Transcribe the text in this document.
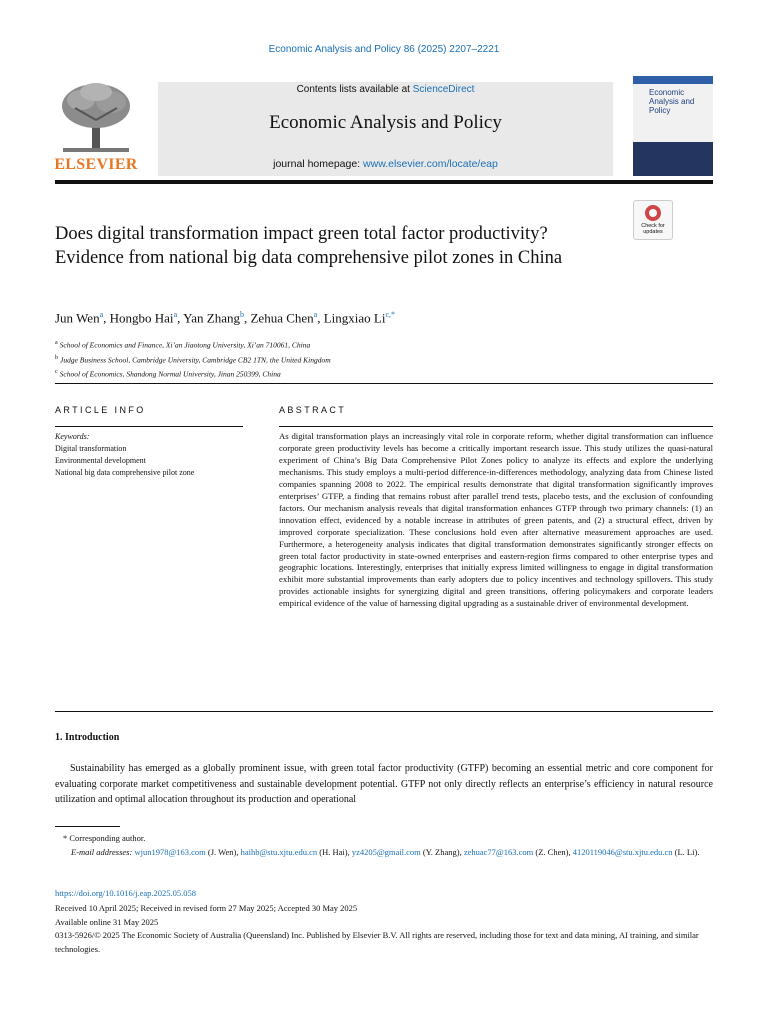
Economic Analysis and Policy 86 (2025) 2207–2221
ELSEVIER
Contents lists available at ScienceDirect
Economic Analysis and Policy
journal homepage: www.elsevier.com/locate/eap
Economic Analysis and Policy
Does digital transformation impact green total factor productivity? Evidence from national big data comprehensive pilot zones in China
Check for updates
Jun Wen$^a$, Hongbo Hai$^a$, Yan Zhang$^b$, Zehua Chen$^a$, Lingxiao $Li^{c,*}$
$^a$ School of Economics and Finance, Xi’an Jiaotong University, Xi’an 710061, China
$^b$ Judge Business School, Cambridge University, Cambridge CB2 1TN, the United Kingdom
$^c$ School of Economics, Shandong Normal University, Jinan 250399, China
ARTICLE INFO	ABSTRACT
Keywords:
Digital transformation
Environmental development
National big data comprehensive pilot zone
As digital transformation plays an increasingly vital role in corporate reform, whether digital transformation can influence corporate green productivity levels has become a critically important research issue. This study utilizes the quasi-natural experiment of China’s Big Data Comprehensive Pilot Zones policy to analyze its effects and explore the underlying mechanisms. This study employs a multi-period difference-in-differences methodology, analyzing data from Chinese listed companies spanning 2008 to 2022. The empirical results demonstrate that digital transformation significantly improves enterprises’ GTFP, a finding that remains robust after parallel trend tests, placebo tests, and the exclusion of confounding factors. Our mechanism analysis reveals that digital transformation enhances GTFP through two primary channels: (1) an innovation effect, evidenced by a notable increase in attributes of green patents, and (2) a structural effect, driven by improved corporate specialization. These conclusions hold even after alternative measurement approaches are used. Furthermore, a heterogeneity analysis indicates that digital transformation demonstrates significantly stronger effects on green total factor productivity in state-owned enterprises and eastern-region firms compared to other enterprise types and geographic locations. Interestingly, enterprises that initially express limited willingness to engage in digital transformation exhibit more substantial improvements than early adopters due to policy incentives and technology spillovers. This study provides actionable insights for synergizing digital and green transitions, offering policymakers and corporate leaders empirical evidence of the value of harnessing digital upgrading as a sustainable driver of environmental development.
1. Introduction
Sustainability has emerged as a globally prominent issue, with green total factor productivity (GTFP) becoming an essential metric and core component for evaluating corporate market competitiveness and sustainable development potential. GTFP not only directly reflects an enterprise’s efficiency in natural resource utilization and optimal allocation throughout its production and operational
* Corresponding author.
E-mail addresses: wjun1978@163.com (J. Wen), haihb@stu.xjtu.edu.cn (H. Hai), yz4205@gmail.com (Y. Zhang), zehuac77@163.com (Z. Chen), 4120119046@stu.xjtu.edu.cn (L. Li).
https://doi.org/10.1016/j.eap.2025.05.058
Received 10 April 2025; Received in revised form 27 May 2025; Accepted 30 May 2025
Available online 31 May 2025
0313-5926/© 2025 The Economic Society of Australia (Queensland) Inc. Published by Elsevier B.V. All rights are reserved, including those for text and data mining, AI training, and similar technologies.
